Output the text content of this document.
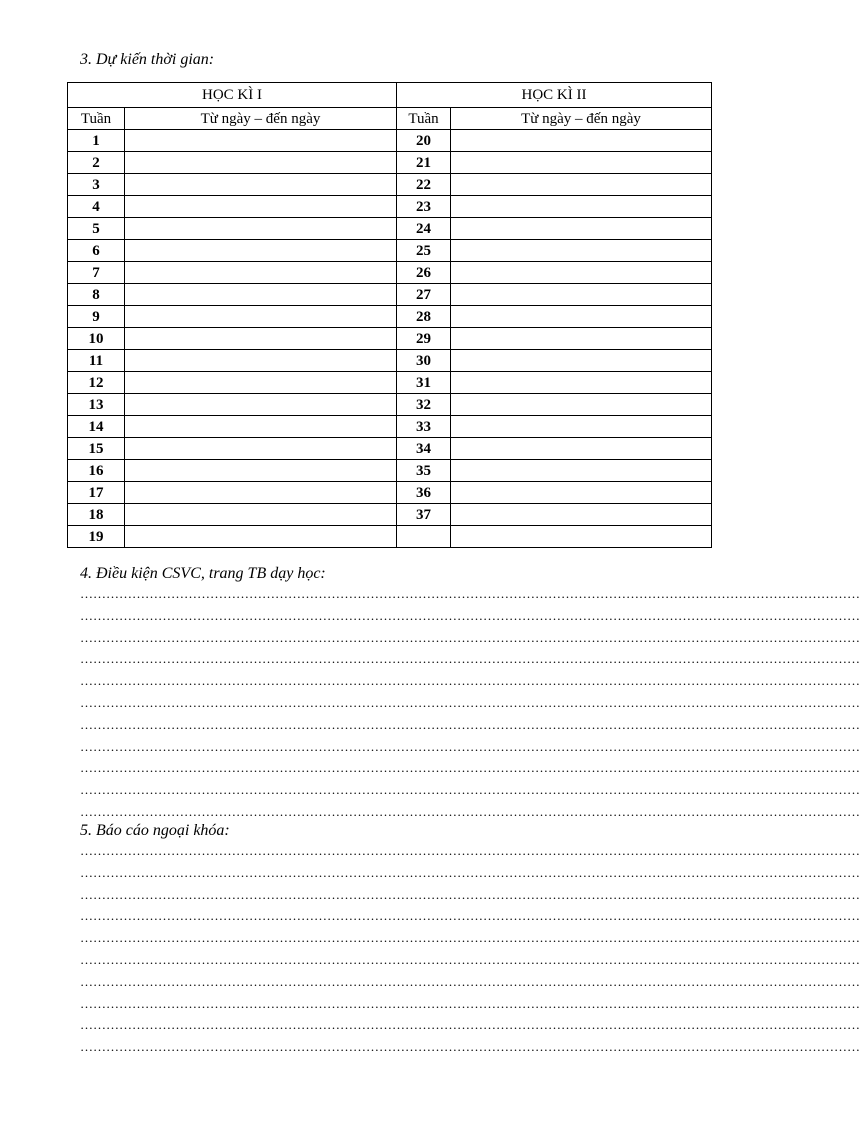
3. Dự kiến thời gian:
HỌC KÌ I		HỌC KÌ II	
Tuần	Từ ngày – đến ngày	Tuần	Từ ngày – đến ngày
1		20	
2		21	
3		22	
4		23	
5		24	
6		25	
7		26	
8		27	
9		28	
10		29	
11		30	
12		31	
13		32	
14		33	
15		34	
16		35	
17		36	
18		37	
19			
4. Điều kiện CSVC, trang TB dạy học:
………………………………………………………………………………………………………………………………………………………………
………………………………………………………………………………………………………………………………………………………………
………………………………………………………………………………………………………………………………………………………………
………………………………………………………………………………………………………………………………………………………………
………………………………………………………………………………………………………………………………………………………………
………………………………………………………………………………………………………………………………………………………………
………………………………………………………………………………………………………………………………………………………………
………………………………………………………………………………………………………………………………………………………………
………………………………………………………………………………………………………………………………………………………………
………………………………………………………………………………………………………………………………………………………………
………………………………………………………………………………………………………………………………………………………………
5. Báo cáo ngoại khóa:
………………………………………………………………………………………………………………………………………………………………
………………………………………………………………………………………………………………………………………………………………
………………………………………………………………………………………………………………………………………………………………
………………………………………………………………………………………………………………………………………………………………
………………………………………………………………………………………………………………………………………………………………
………………………………………………………………………………………………………………………………………………………………
………………………………………………………………………………………………………………………………………………………………
………………………………………………………………………………………………………………………………………………………………
………………………………………………………………………………………………………………………………………………………………
………………………………………………………………………………………………………………………………………………………………
